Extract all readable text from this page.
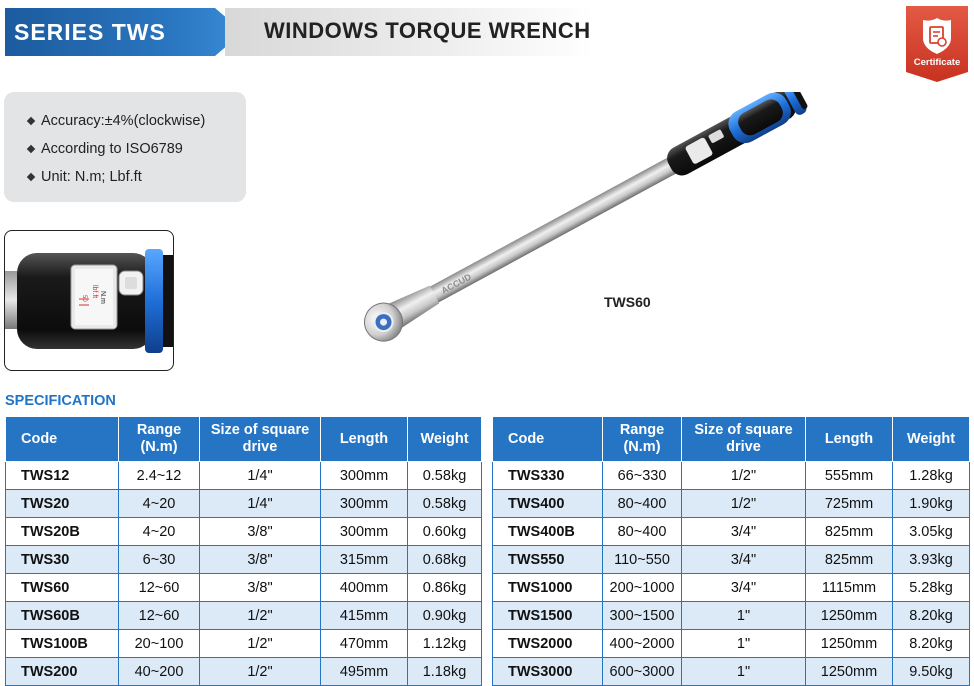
SERIES TWS	WINDOWS TORQUE WRENCH
Certificate
Accuracy:±4%(clockwise)
According to ISO6789
Unit: N.m; Lbf.ft
lbf.ft N.m
50
ACCUD
TWS60
SPECIFICATION
Code	Range (N.m)	Size of square drive	Length	Weight
TWS12	2.4~12	1/4"	300mm	0.58kg
TWS20	4~20	1/4"	300mm	0.58kg
TWS20B	4~20	3/8"	300mm	0.60kg
TWS30	6~30	3/8"	315mm	0.68kg
TWS60	12~60	3/8"	400mm	0.86kg
TWS60B	12~60	1/2"	415mm	0.90kg
TWS100B	20~100	1/2"	470mm	1.12kg
TWS200	40~200	1/2"	495mm	1.18kg
Code	Range (N.m)	Size of square drive	Length	Weight
TWS330	66~330	1/2"	555mm	1.28kg
TWS400	80~400	1/2"	725mm	1.90kg
TWS400B	80~400	3/4"	825mm	3.05kg
TWS550	110~550	3/4"	825mm	3.93kg
TWS1000	200~1000	3/4"	1115mm	5.28kg
TWS1500	300~1500	1"	1250mm	8.20kg
TWS2000	400~2000	1"	1250mm	8.20kg
TWS3000	600~3000	1"	1250mm	9.50kg
